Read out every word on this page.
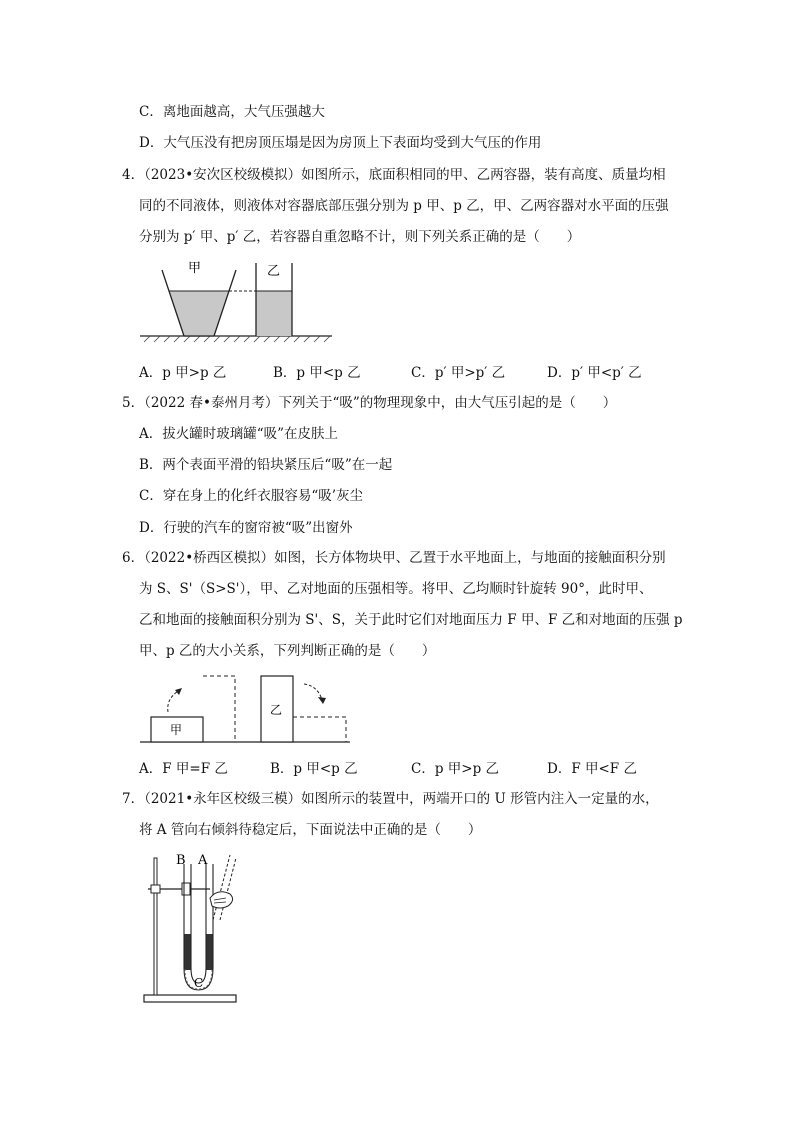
C．离地面越高，大气压强越大
D．大气压没有把房顶压塌是因为房顶上下表面均受到大气压的作用
4．（2023•安次区校级模拟）如图所示，底面积相同的甲、乙两容器，装有高度、质量均相
同的不同液体，则液体对容器底部压强分别为 p 甲、p 乙，甲、乙两容器对水平面的压强
分别为 p′ 甲、p′ 乙，若容器自重忽略不计，则下列关系正确的是（　　）
甲	乙
A．p 甲>p 乙	B．p 甲<p 乙	C．p′ 甲>p′ 乙	D．p′ 甲<p′ 乙
5．（2022 春•泰州月考）下列关于“吸”的物理现象中，由大气压引起的是（　　）
A．拔火罐时玻璃罐“吸”在皮肤上
B．两个表面平滑的铅块紧压后“吸”在一起
C．穿在身上的化纤衣服容易“吸’灰尘
D．行驶的汽车的窗帘被“吸”出窗外
6．（2022•桥西区模拟）如图，长方体物块甲、乙置于水平地面上，与地面的接触面积分别
为 S、S'（S>S'），甲、乙对地面的压强相等。将甲、乙均顺时针旋转 90°，此时甲、
乙和地面的接触面积分别为 S'、S，关于此时它们对地面压力 F 甲、F 乙和对地面的压强 p
甲、p 乙的大小关系，下列判断正确的是（　　）
甲
乙
A．F 甲=F 乙	B．p 甲<p 乙	C．p 甲>p 乙	D．F 甲<F 乙
7．（2021•永年区校级三模）如图所示的装置中，两端开口的 U 形管内注入一定量的水，
将 A 管向右倾斜待稳定后，下面说法中正确的是（　　）
B A
C
